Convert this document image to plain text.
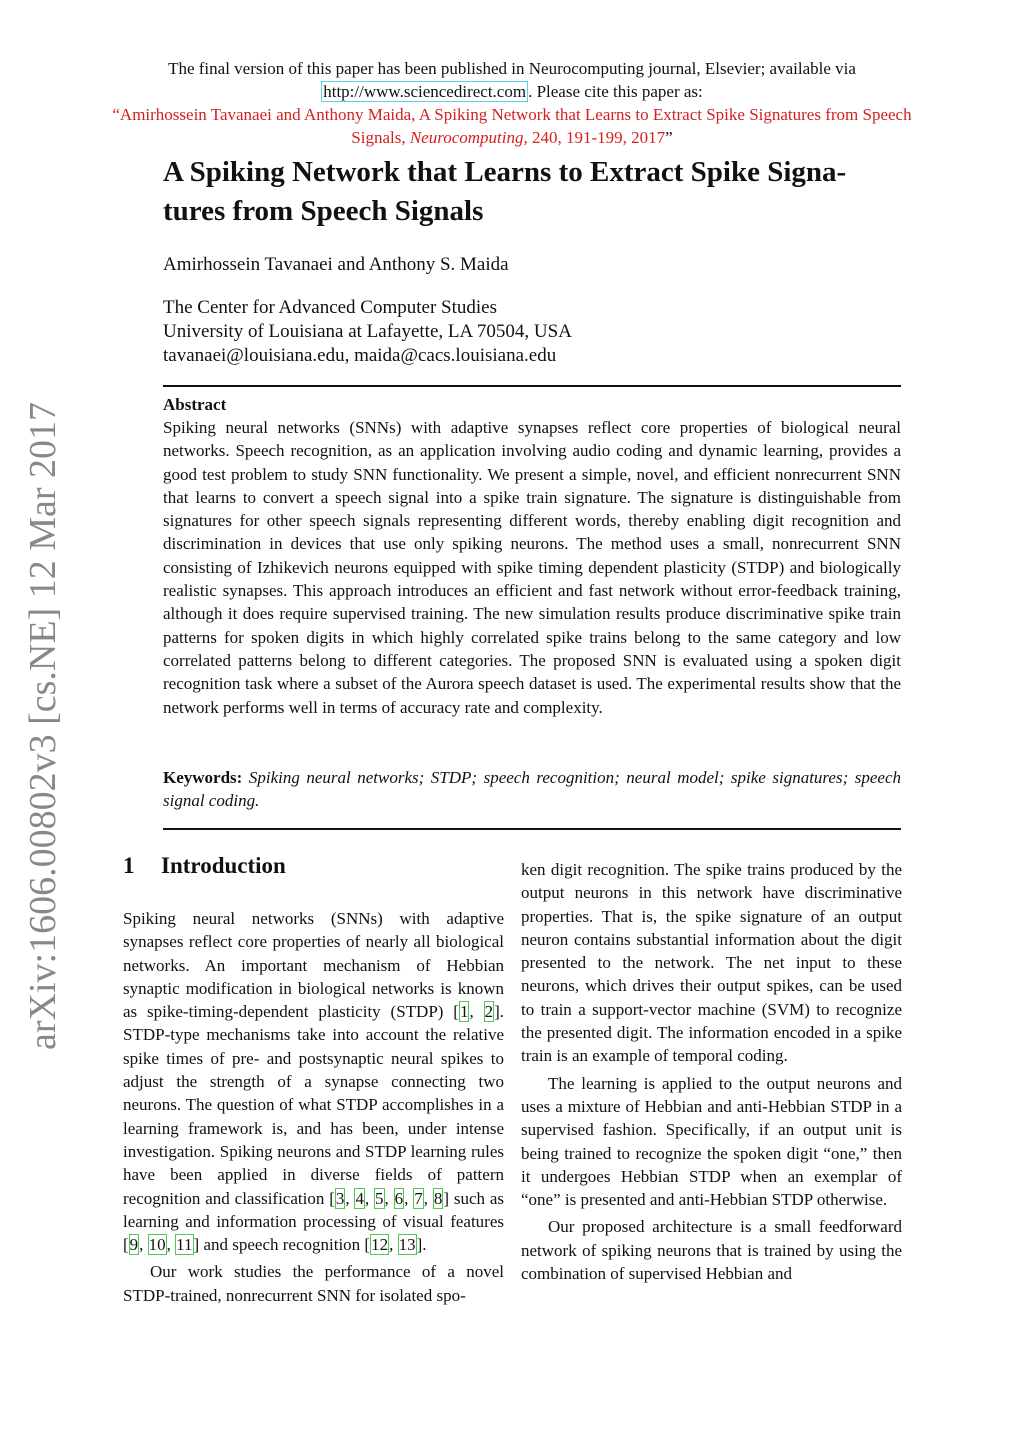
The final version of this paper has been published in Neurocomputing journal, Elsevier; available via
http://www.sciencedirect.com . Please cite this paper as:
“Amirhossein Tavanaei and Anthony Maida, A Spiking Network that Learns to Extract Spike Signatures from Speech Signals, Neurocomputing, 240, 191-199, 2017”
A Spiking Network that Learns to Extract Spike Signa-tures from Speech Signals
Amirhossein Tavanaei and Anthony S. Maida
The Center for Advanced Computer Studies
University of Louisiana at Lafayette, LA 70504, USA
tavanaei@louisiana.edu, maida@cacs.louisiana.edu
Abstract

Spiking neural networks (SNNs) with adaptive synapses reflect core properties of biological neural networks. Speech recognition, as an application involving audio coding and dynamic learning, provides a good test problem to study SNN functionality. We present a simple, novel, and efficient nonrecurrent SNN that learns to convert a speech signal into a spike train signature. The signature is distinguishable from signatures for other speech signals representing different words, thereby enabling digit recognition and discrimination in devices that use only spiking neurons. The method uses a small, nonrecurrent SNN consisting of Izhikevich neurons equipped with spike timing dependent plasticity (STDP) and biologically realistic synapses. This approach introduces an efficient and fast network without error-feedback training, although it does require supervised training. The new simulation results produce discriminative spike train patterns for spoken digits in which highly correlated spike trains belong to the same category and low correlated patterns belong to different categories. The proposed SNN is evaluated using a spoken digit recognition task where a subset of the Aurora speech dataset is used. The experimental results show that the network performs well in terms of accuracy rate and complexity.

Keywords: Spiking neural networks; STDP; speech recognition; neural model; spike signatures; speech signal coding.

arXiv:1606.00802v3 [cs.NE] 12 Mar 2017	1 Introduction

Spiking neural networks (SNNs) with adaptive synapses reflect core properties of nearly all biological networks. An important mechanism of Hebbian synaptic modification in biological networks is known as spike-timing-dependent plasticity (STDP) [1, 2]. STDP-type mechanisms take into account the relative spike times of pre- and postsynaptic neural spikes to adjust the strength of a synapse connecting two neurons. The question of what STDP accomplishes in a learning framework is, and has been, under intense investigation. Spiking neurons and STDP learning rules have been applied in diverse fields of pattern recognition and classification [3, 4, 5, 6, 7, 8] such as learning and information processing of visual features [9, 10, 11] and speech recognition [12, 13].

Our work studies the performance of a novel STDP-trained, nonrecurrent SNN for isolated spo-

ken digit recognition. The spike trains produced by the output neurons in this network have discriminative properties. That is, the spike signature of an output neuron contains substantial information about the digit presented to the network. The net input to these neurons, which drives their output spikes, can be used to train a support-vector machine (SVM) to recognize the presented digit. The information encoded in a spike train is an example of temporal coding.

The learning is applied to the output neurons and uses a mixture of Hebbian and anti-Hebbian STDP in a supervised fashion. Specifically, if an output unit is being trained to recognize the spoken digit “one,” then it undergoes Hebbian STDP when an exemplar of “one” is presented and anti-Hebbian STDP otherwise.

Our proposed architecture is a small feedforward network of spiking neurons that is trained by using the combination of supervised Hebbian and
